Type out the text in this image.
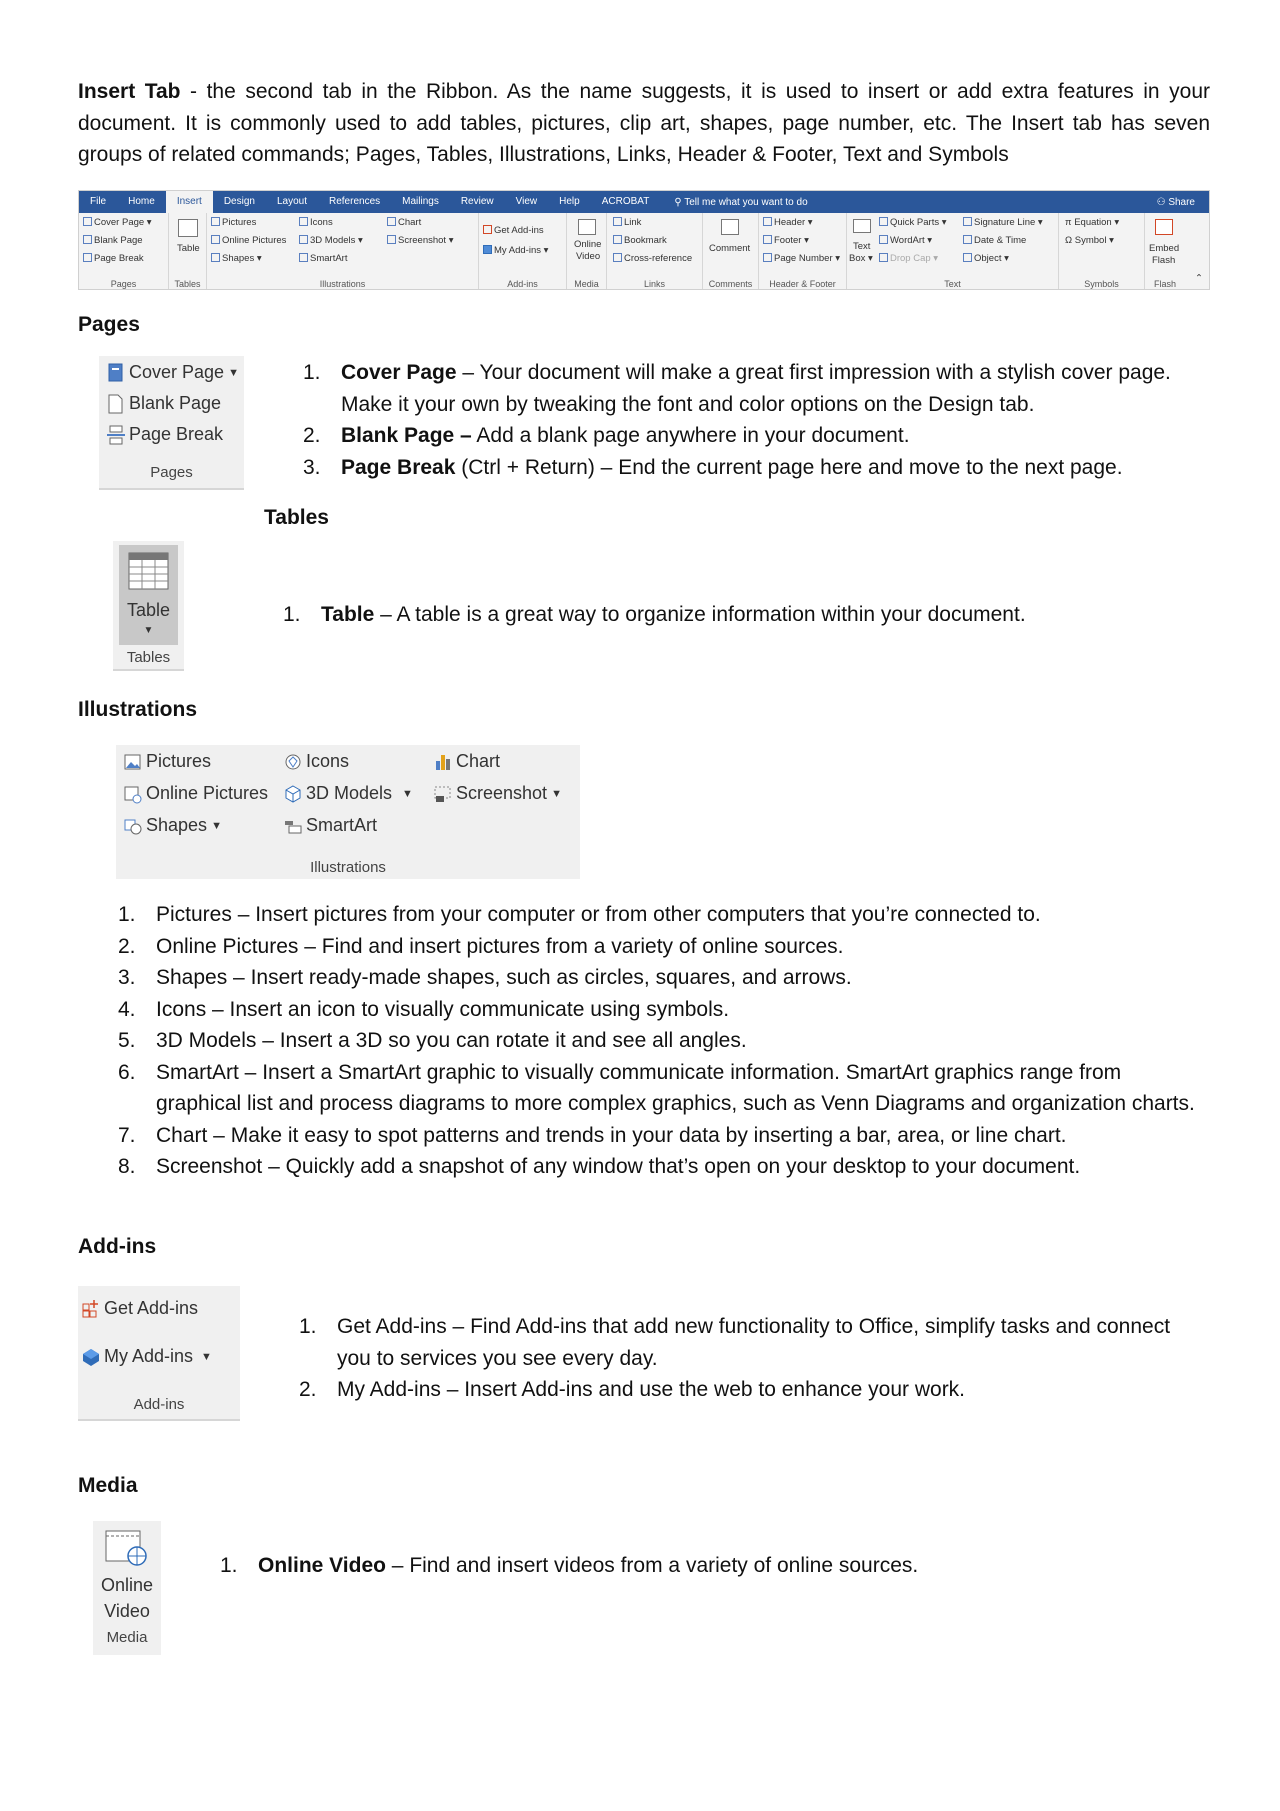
Insert Tab - the second tab in the Ribbon. As the name suggests, it is used to insert or add extra features in your document. It is commonly used to add tables, pictures, clip art, shapes, page number, etc. The Insert tab has seven groups of related commands; Pages, Tables, Illustrations, Links, Header & Footer, Text and Symbols

File	Home	Insert	Design	Layout	References	Mailings	Review	View	Help	ACROBAT	⚲ Tell me what you want to do	⚇ Share
Cover Page ▾
Blank Page
Page Break
Pages
Table
Tables
Pictures
Online Pictures
Shapes ▾
Icons
3D Models ▾
SmartArt
Chart
Screenshot ▾
Illustrations
Get Add-ins
My Add-ins ▾
Add-ins
Online
Video
Media
Link
Bookmark
Cross-reference
Links
Comment
Comments
Header ▾
Footer ▾
Page Number ▾
Header & Footer
Text
Box ▾
Quick Parts ▾
WordArt ▾
Drop Cap ▾
Signature Line ▾
Date & Time
Object ▾
Text
π Equation ▾
Ω Symbol ▾
Symbols
Embed
Flash
Flash	⌃
Pages
Cover Page ▼
Blank Page
Page Break
Pages
1. Cover Page – Your document will make a great first impression with a stylish cover page. Make it your own by tweaking the font and color options on the Design tab.
2. Blank Page – Add a blank page anywhere in your document.
3. Page Break (Ctrl + Return) – End the current page here and move to the next page.
Tables
Table
▼
Tables
1. Table – A table is a great way to organize information within your document.
Illustrations
Pictures
Online Pictures
Shapes ▼
Icons
3D Models ▼
SmartArt
Chart
Screenshot ▼
Illustrations
1. Pictures – Insert pictures from your computer or from other computers that you’re connected to.
2. Online Pictures – Find and insert pictures from a variety of online sources.
3. Shapes – Insert ready-made shapes, such as circles, squares, and arrows.
4. Icons – Insert an icon to visually communicate using symbols.
5. 3D Models – Insert a 3D so you can rotate it and see all angles.
6. SmartArt – Insert a SmartArt graphic to visually communicate information. SmartArt graphics range from graphical list and process diagrams to more complex graphics, such as Venn Diagrams and organization charts.
7. Chart – Make it easy to spot patterns and trends in your data by inserting a bar, area, or line chart.
8. Screenshot – Quickly add a snapshot of any window that’s open on your desktop to your document.
Add-ins
Get Add-ins
My Add-ins ▼
Add-ins
1. Get Add-ins – Find Add-ins that add new functionality to Office, simplify tasks and connect you to services you see every day.
2. My Add-ins – Insert Add-ins and use the web to enhance your work.
Media
Online
Video
Media
1. Online Video – Find and insert videos from a variety of online sources.
